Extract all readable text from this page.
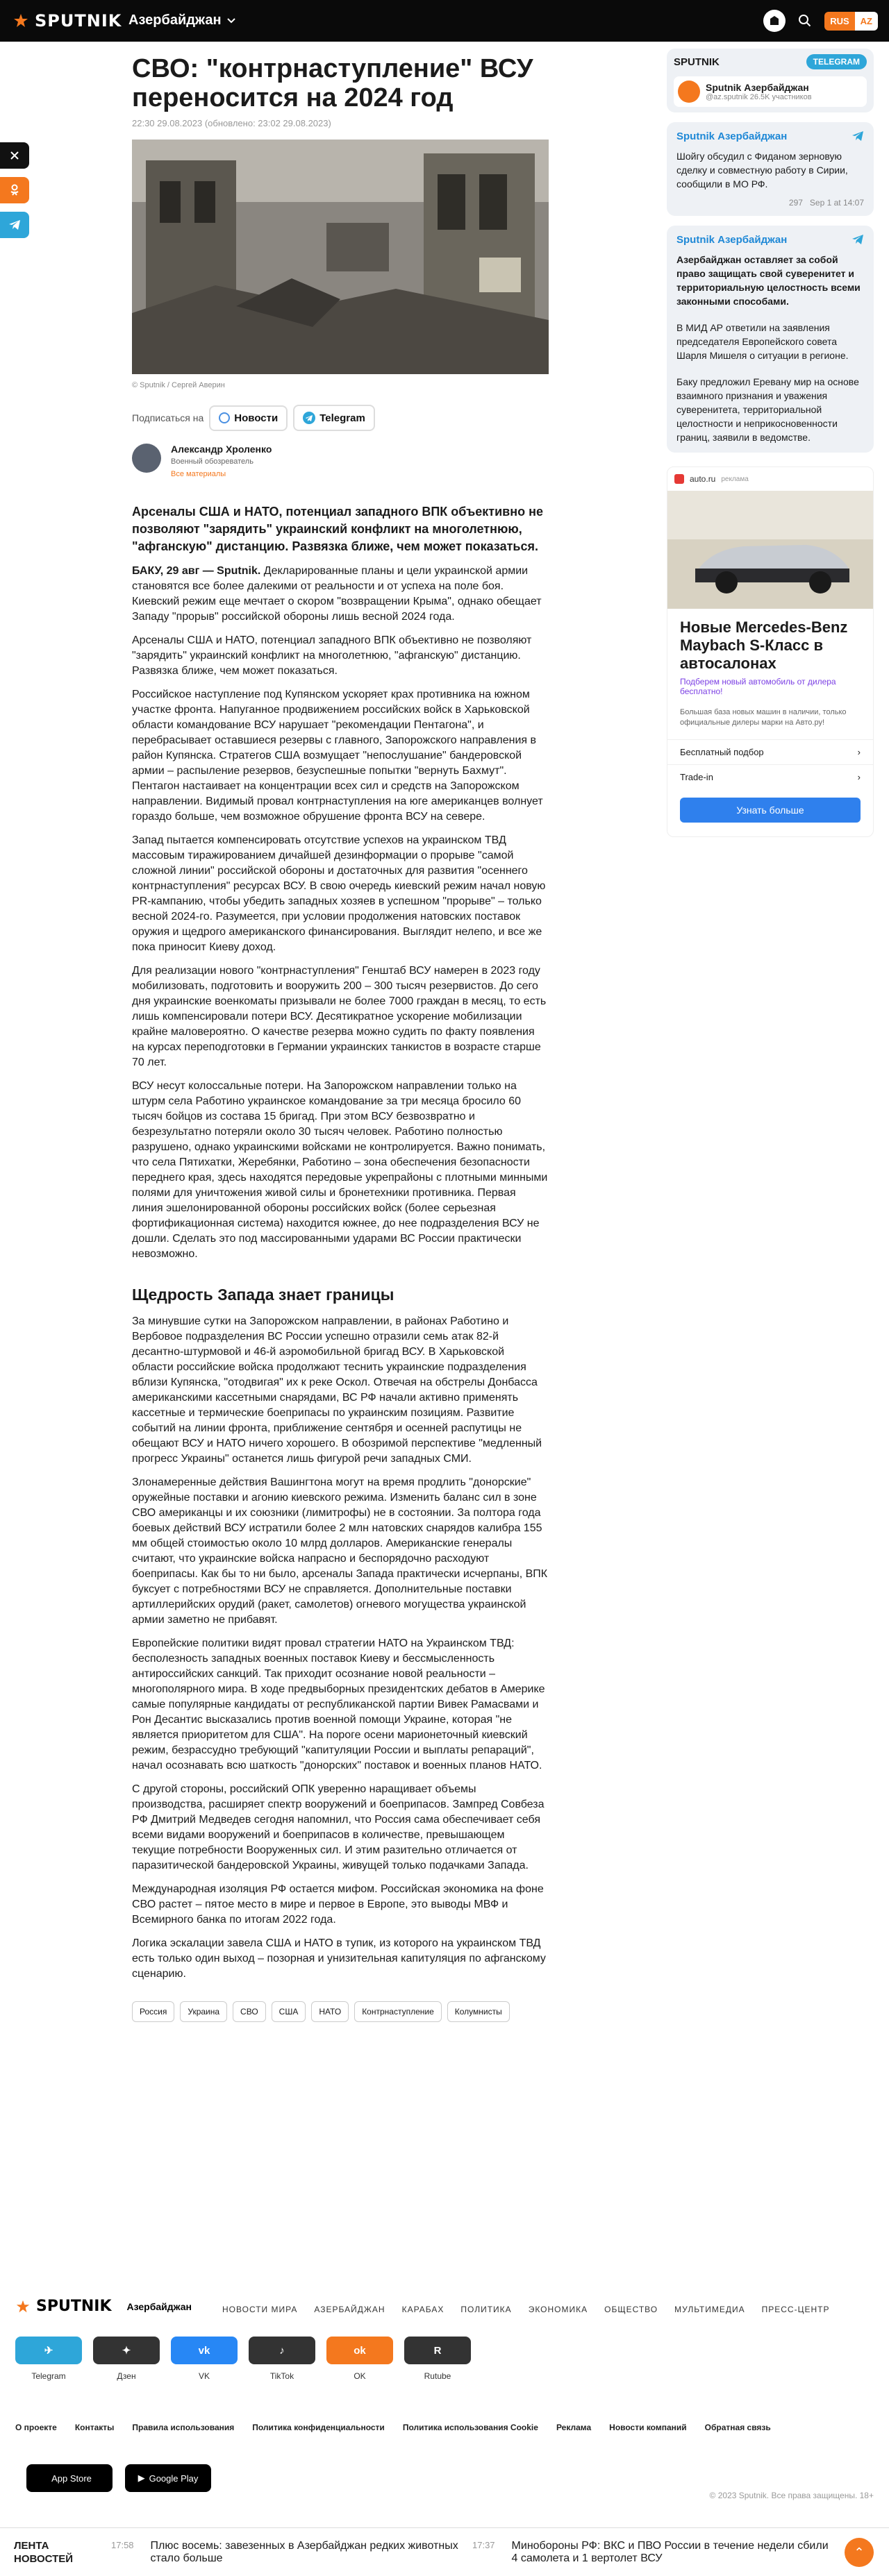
SPUTNIK Азербайджан	RUS	AZ
СВО: "контрнаступление" ВСУ переносится на 2024 год
22:30 29.08.2023 (обновлено: 23:02 29.08.2023)
© Sputnik / Сергей Аверин
Подписаться на	Новости	Telegram
Александр Хроленко
Военный обозреватель
Все материалы
Арсеналы США и НАТО, потенциал западного ВПК объективно не позволяют "зарядить" украинский конфликт на многолетнюю, "афганскую" дистанцию. Развязка ближе, чем может показаться.
БАКУ, 29 авг — Sputnik. Декларированные планы и цели украинской армии становятся все более далекими от реальности и от успеха на поле боя. Киевский режим еще мечтает о скором "возвращении Крыма", однако обещает Западу "прорыв" российской обороны лишь весной 2024 года.
Арсеналы США и НАТО, потенциал западного ВПК объективно не позволяют "зарядить" украинский конфликт на многолетнюю, "афганскую" дистанцию. Развязка ближе, чем может показаться.
Российское наступление под Купянском ускоряет крах противника на южном участке фронта. Напуганное продвижением российских войск в Харьковской области командование ВСУ нарушает "рекомендации Пентагона", и перебрасывает оставшиеся резервы с главного, Запорожского направления в район Купянска. Стратегов США возмущает "непослушание" бандеровской армии – распыление резервов, безуспешные попытки "вернуть Бахмут". Пентагон настаивает на концентрации всех сил и средств на Запорожском направлении. Видимый провал контрнаступления на юге американцев волнует гораздо больше, чем возможное обрушение фронта ВСУ на севере.
Запад пытается компенсировать отсутствие успехов на украинском ТВД массовым тиражированием дичайшей дезинформации о прорыве "самой сложной линии" российской обороны и достаточных для развития "осеннего контрнаступления" ресурсах ВСУ. В свою очередь киевский режим начал новую PR-кампанию, чтобы убедить западных хозяев в успешном "прорыве" – только весной 2024-го. Разумеется, при условии продолжения натовских поставок оружия и щедрого американского финансирования. Выглядит нелепо, и все же пока приносит Киеву доход.
Для реализации нового "контрнаступления" Генштаб ВСУ намерен в 2023 году мобилизовать, подготовить и вооружить 200 – 300 тысяч резервистов. До сего дня украинские военкоматы призывали не более 7000 граждан в месяц, то есть лишь компенсировали потери ВСУ. Десятикратное ускорение мобилизации крайне маловероятно. О качестве резерва можно судить по факту появления на курсах переподготовки в Германии украинских танкистов в возрасте старше 70 лет.
ВСУ несут колоссальные потери. На Запорожском направлении только на штурм села Работино украинское командование за три месяца бросило 60 тысяч бойцов из состава 15 бригад. При этом ВСУ безвозвратно и безрезультатно потеряли около 30 тысяч человек. Работино полностью разрушено, однако украинскими войсками не контролируется. Важно понимать, что села Пятихатки, Жеребянки, Работино – зона обеспечения безопасности переднего края, здесь находятся передовые укрепрайоны с плотными минными полями для уничтожения живой силы и бронетехники противника. Первая линия эшелонированной обороны российских войск (более серьезная фортификационная система) находится южнее, до нее подразделения ВСУ не дошли. Сделать это под массированными ударами ВС России практически невозможно.
Щедрость Запада знает границы
За минувшие сутки на Запорожском направлении, в районах Работино и Вербовое подразделения ВС России успешно отразили семь атак 82-й десантно-штурмовой и 46-й аэромобильной бригад ВСУ. В Харьковской области российские войска продолжают теснить украинские подразделения вблизи Купянска, "отодвигая" их к реке Оскол. Отвечая на обстрелы Донбасса американскими кассетными снарядами, ВС РФ начали активно применять кассетные и термические боеприпасы по украинским позициям. Развитие событий на линии фронта, приближение сентября и осенней распутицы не обещают ВСУ и НАТО ничего хорошего. В обозримой перспективе "медленный прогресс Украины" останется лишь фигурой речи западных СМИ.
Злонамеренные действия Вашингтона могут на время продлить "донорские" оружейные поставки и агонию киевского режима. Изменить баланс сил в зоне СВО американцы и их союзники (лимитрофы) не в состоянии. За полтора года боевых действий ВСУ истратили более 2 млн натовских снарядов калибра 155 мм общей стоимостью около 10 млрд долларов. Американские генералы считают, что украинские войска напрасно и беспорядочно расходуют боеприпасы. Как бы то ни было, арсеналы Запада практически исчерпаны, ВПК буксует с потребностями ВСУ не справляется. Дополнительные поставки артиллерийских орудий (ракет, самолетов) огневого могущества украинской армии заметно не прибавят.
Европейские политики видят провал стратегии НАТО на Украинском ТВД: бесполезность западных военных поставок Киеву и бессмысленность антироссийских санкций. Так приходит осознание новой реальности – многополярного мира. В ходе предвыборных президентских дебатов в Америке самые популярные кандидаты от республиканской партии Вивек Рамасвами и Рон Десантис высказались против военной помощи Украине, которая "не является приоритетом для США". На пороге осени марионеточный киевский режим, безрассудно требующий "капитуляции России и выплаты репараций", начал осознавать всю шаткость "донорских" поставок и военных планов НАТО.
С другой стороны, российский ОПК уверенно наращивает объемы производства, расширяет спектр вооружений и боеприпасов. Зампред Совбеза РФ Дмитрий Медведев сегодня напомнил, что Россия сама обеспечивает себя всеми видами вооружений и боеприпасов в количестве, превышающем текущие потребности Вооруженных сил. И этим разительно отличается от паразитической бандеровской Украины, живущей только подачками Запада.
Международная изоляция РФ остается мифом. Российская экономика на фоне СВО растет – пятое место в мире и первое в Европе, это выводы МВФ и Всемирного банка по итогам 2022 года.
Логика эскалации завела США и НАТО в тупик, из которого на украинском ТВД есть только один выход – позорная и унизительная капитуляция по афганскому сценарию.
Россия	Украина	СВО	США	НАТО	Контрнаступление	Колумнисты
SPUTNIK	TELEGRAM
Sputnik Азербайджан
@az.sputnik 26.5K участников
Sputnik Азербайджан
Шойгу обсудил с Фиданом зерновую сделку и совместную работу в Сирии, сообщили в МО РФ.
297 Sep 1 at 14:07
Sputnik Азербайджан
Азербайджан оставляет за собой право защищать свой суверенитет и территориальную целостность всеми законными способами.
В МИД АР ответили на заявления председателя Европейского совета Шарля Мишеля о ситуации в регионе.
Баку предложил Еревану мир на основе взаимного признания и уважения суверенитета, территориальной целостности и неприкосновенности границ, заявили в ведомстве.
auto.ru реклама
Новые Mercedes-Benz Maybach S-Класс в автосалонах
Подберем новый автомобиль от дилера бесплатно!
Большая база новых машин в наличии, только официальные дилеры марки на Авто.ру!
Бесплатный подбор	›
Trade-in	›
Узнать больше
SPUTNIK Азербайджан	НОВОСТИ МИРА АЗЕРБАЙДЖАН КАРАБАХ ПОЛИТИКА ЭКОНОМИКА ОБЩЕСТВО МУЛЬТИМЕДИА ПРЕСС-ЦЕНТР
✈
Telegram
✦
Дзен
vk
VK
♪
TikTok
ok
OK
R
Rutube
О проекте Контакты Правила использования Политика конфиденциальности Политика использования Cookie Реклама Новости компаний Обратная связь
App Store	▶ Google Play
© 2023 Sputnik. Все права защищены. 18+
ЛЕНТА НОВОСТЕЙ
17:58 Плюс восемь: завезенных в Азербайджан редких животных стало больше
17:37 Минобороны РФ: ВКС и ПВО России в течение недели сбили 4 самолета и 1 вертолет ВСУ	⌃
